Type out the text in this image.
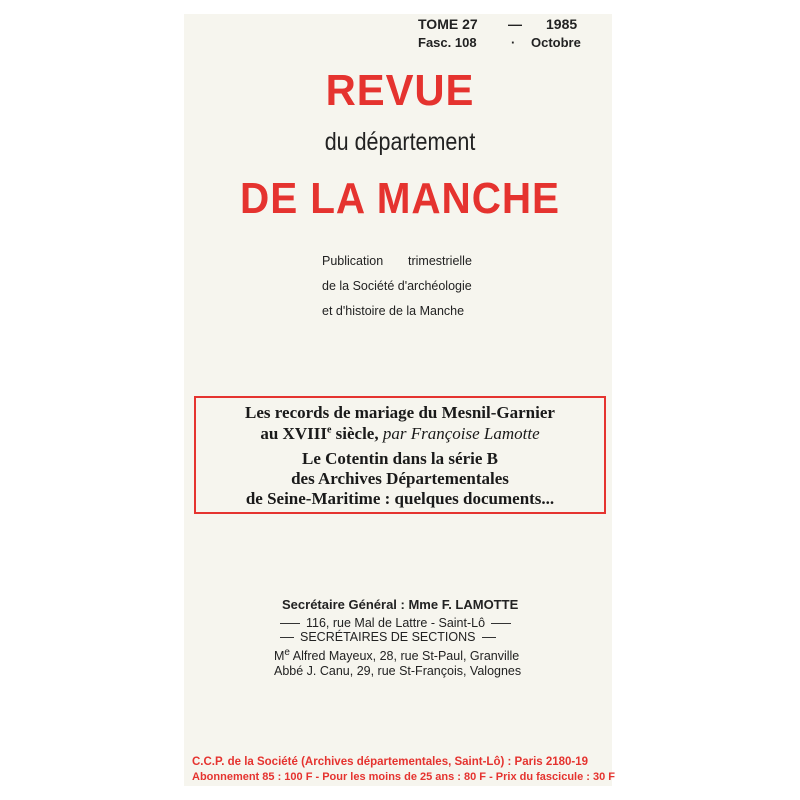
TOME 27 — 1985
Fasc. 108	· Octobre
REVUE
du département
DE LA MANCHE
Publication trimestrielle
de la Société d'archéologie
et d'histoire de la Manche
Les records de mariage du Mesnil-Garnier
au XVIIIe siècle, par Françoise Lamotte
Le Cotentin dans la série B
des Archives Départementales
de Seine-Maritime : quelques documents...
Secrétaire Général : Mme F. LAMOTTE
116, rue Mal de Lattre - Saint-Lô
SECRÉTAIRES DE SECTIONS
Me Alfred Mayeux, 28, rue St-Paul, Granville
Abbé J. Canu, 29, rue St-François, Valognes
C.C.P. de la Société (Archives départementales, Saint-Lô) : Paris 2180-19
Abonnement 85 : 100 F - Pour les moins de 25 ans : 80 F - Prix du fascicule : 30 F
